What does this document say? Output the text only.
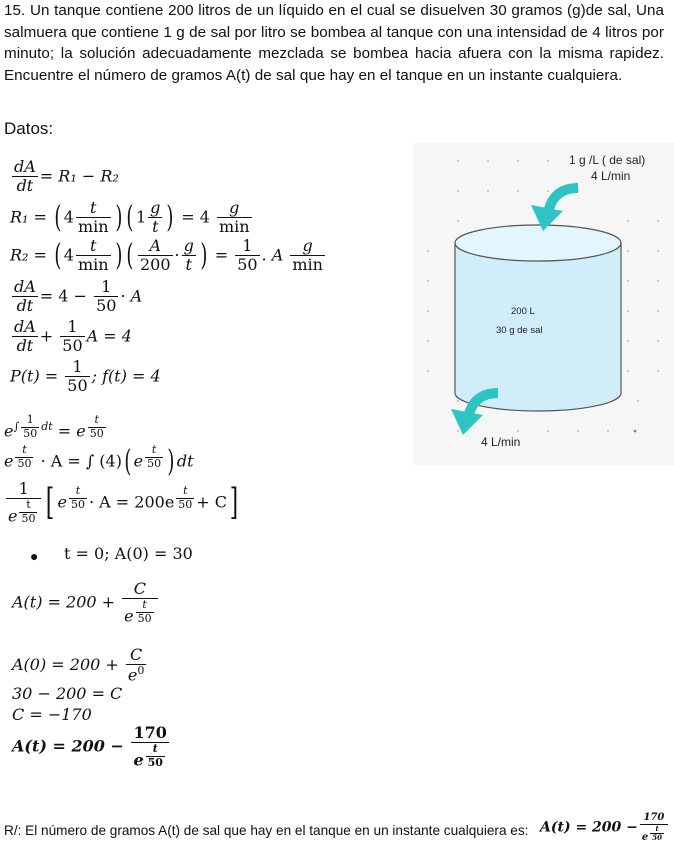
15. Un tanque contiene 200 litros de un líquido en el cual se disuelven 30 gramos (g)de sal, Una salmuera que contiene 1 g de sal por litro se bombea al tanque con una intensidad de 4 litros por minuto; la solución adecuadamente mezclada se bombea hacia afuera con la misma rapidez. Encuentre el número de gramos A(t) de sal que hay en el tanque en un instante cualquiera.
Datos:
$\frac{dA}{dt} = R_1 - R_2$
R₁ = ( $4 \frac{t}{\min}$ ) ( $1 \frac{g}{t}$ ) = $4 \frac{g}{\min}$
R₂ = ( $4 \frac{t}{\min}$ ) ( $\frac{A}{200} \cdot \frac{g}{t}$ ) = $\frac{1}{50}$ . A $\frac{g}{\min}$
$\frac{dA}{dt} = 4 - \frac{1}{50} \cdot A$
$\frac{dA}{dt} + \frac{1}{50}$ A = 4
$P(t) = \frac{1}{50}$ ; f(t) = 4
$e^{\int \frac{1}{50} dt} = e$ $^{\frac{t}{50}}$
e $^{\frac{t}{50}}$ · A = ∫ (4)( e $^{\frac{t}{50}}$ ) dt
1
e $^{\frac{t}{50}}$ [ e $^{\frac{t}{50}}$ · A = 200e $^{\frac{t}{50}}$ + C]
● t = 0; A(0) = 30
A(t) = 200 + C
e $^{\frac{t}{50}}$
$A(0) = 200 + \frac{C}{e^0}$
30 − 200 = C
C = −170
A(t) = 200 − 170
e $^{\frac{t}{50}}$
R/: El número de gramos A(t) de sal que hay en el tanque en un instante cualquiera es: A(t) = 200 − 170
e $^{\frac{t}{50}}$
1 g /L ( de sal)
4 L/min
200 L
30 g de sal
4 L/min
